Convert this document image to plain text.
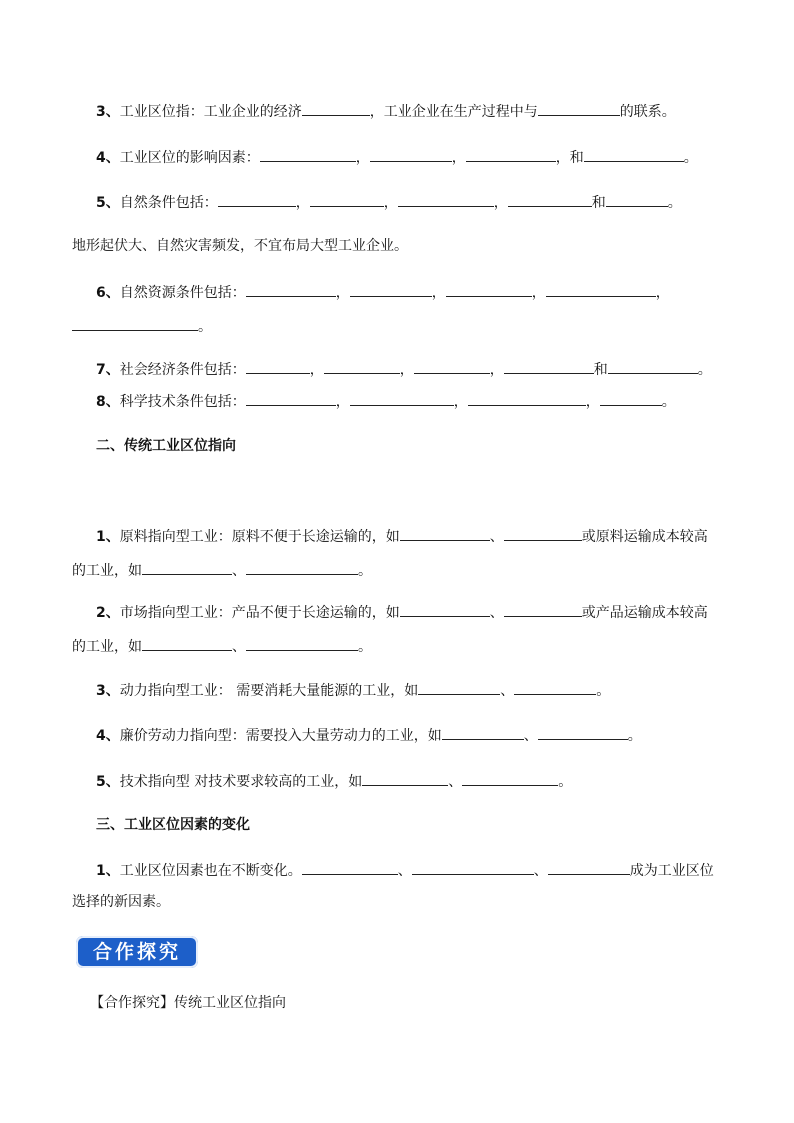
3、工业区位指：工业企业的经济	，工业企业在生产过程中与	的联系。
4、工业区位的影响因素：	，	，	，和	。
5、自然条件包括：	，	，	，	和	。
地形起伏大、自然灾害频发，不宜布局大型工业企业。
6、自然资源条件包括：	，	，	，	，
。
7、社会经济条件包括：	，	，	，	和	。
8、科学技术条件包括：	，	，	，	。
二、传统工业区位指向
1、原料指向型工业：原料不便于长途运输的，如	、	或原料运输成本较高
的工业，如	、	。
2、市场指向型工业：产品不便于长途运输的，如	、	或产品运输成本较高
的工业，如	、	。
3、动力指向型工业： 需要消耗大量能源的工业，如	、	。
4、廉价劳动力指向型：需要投入大量劳动力的工业，如	、	。
5、技术指向型 对技术要求较高的工业，如	、	。
三、工业区位因素的变化
1、工业区位因素也在不断变化。	、	、	成为工业区位
选择的新因素。
合作探究
【合作探究】传统工业区位指向
